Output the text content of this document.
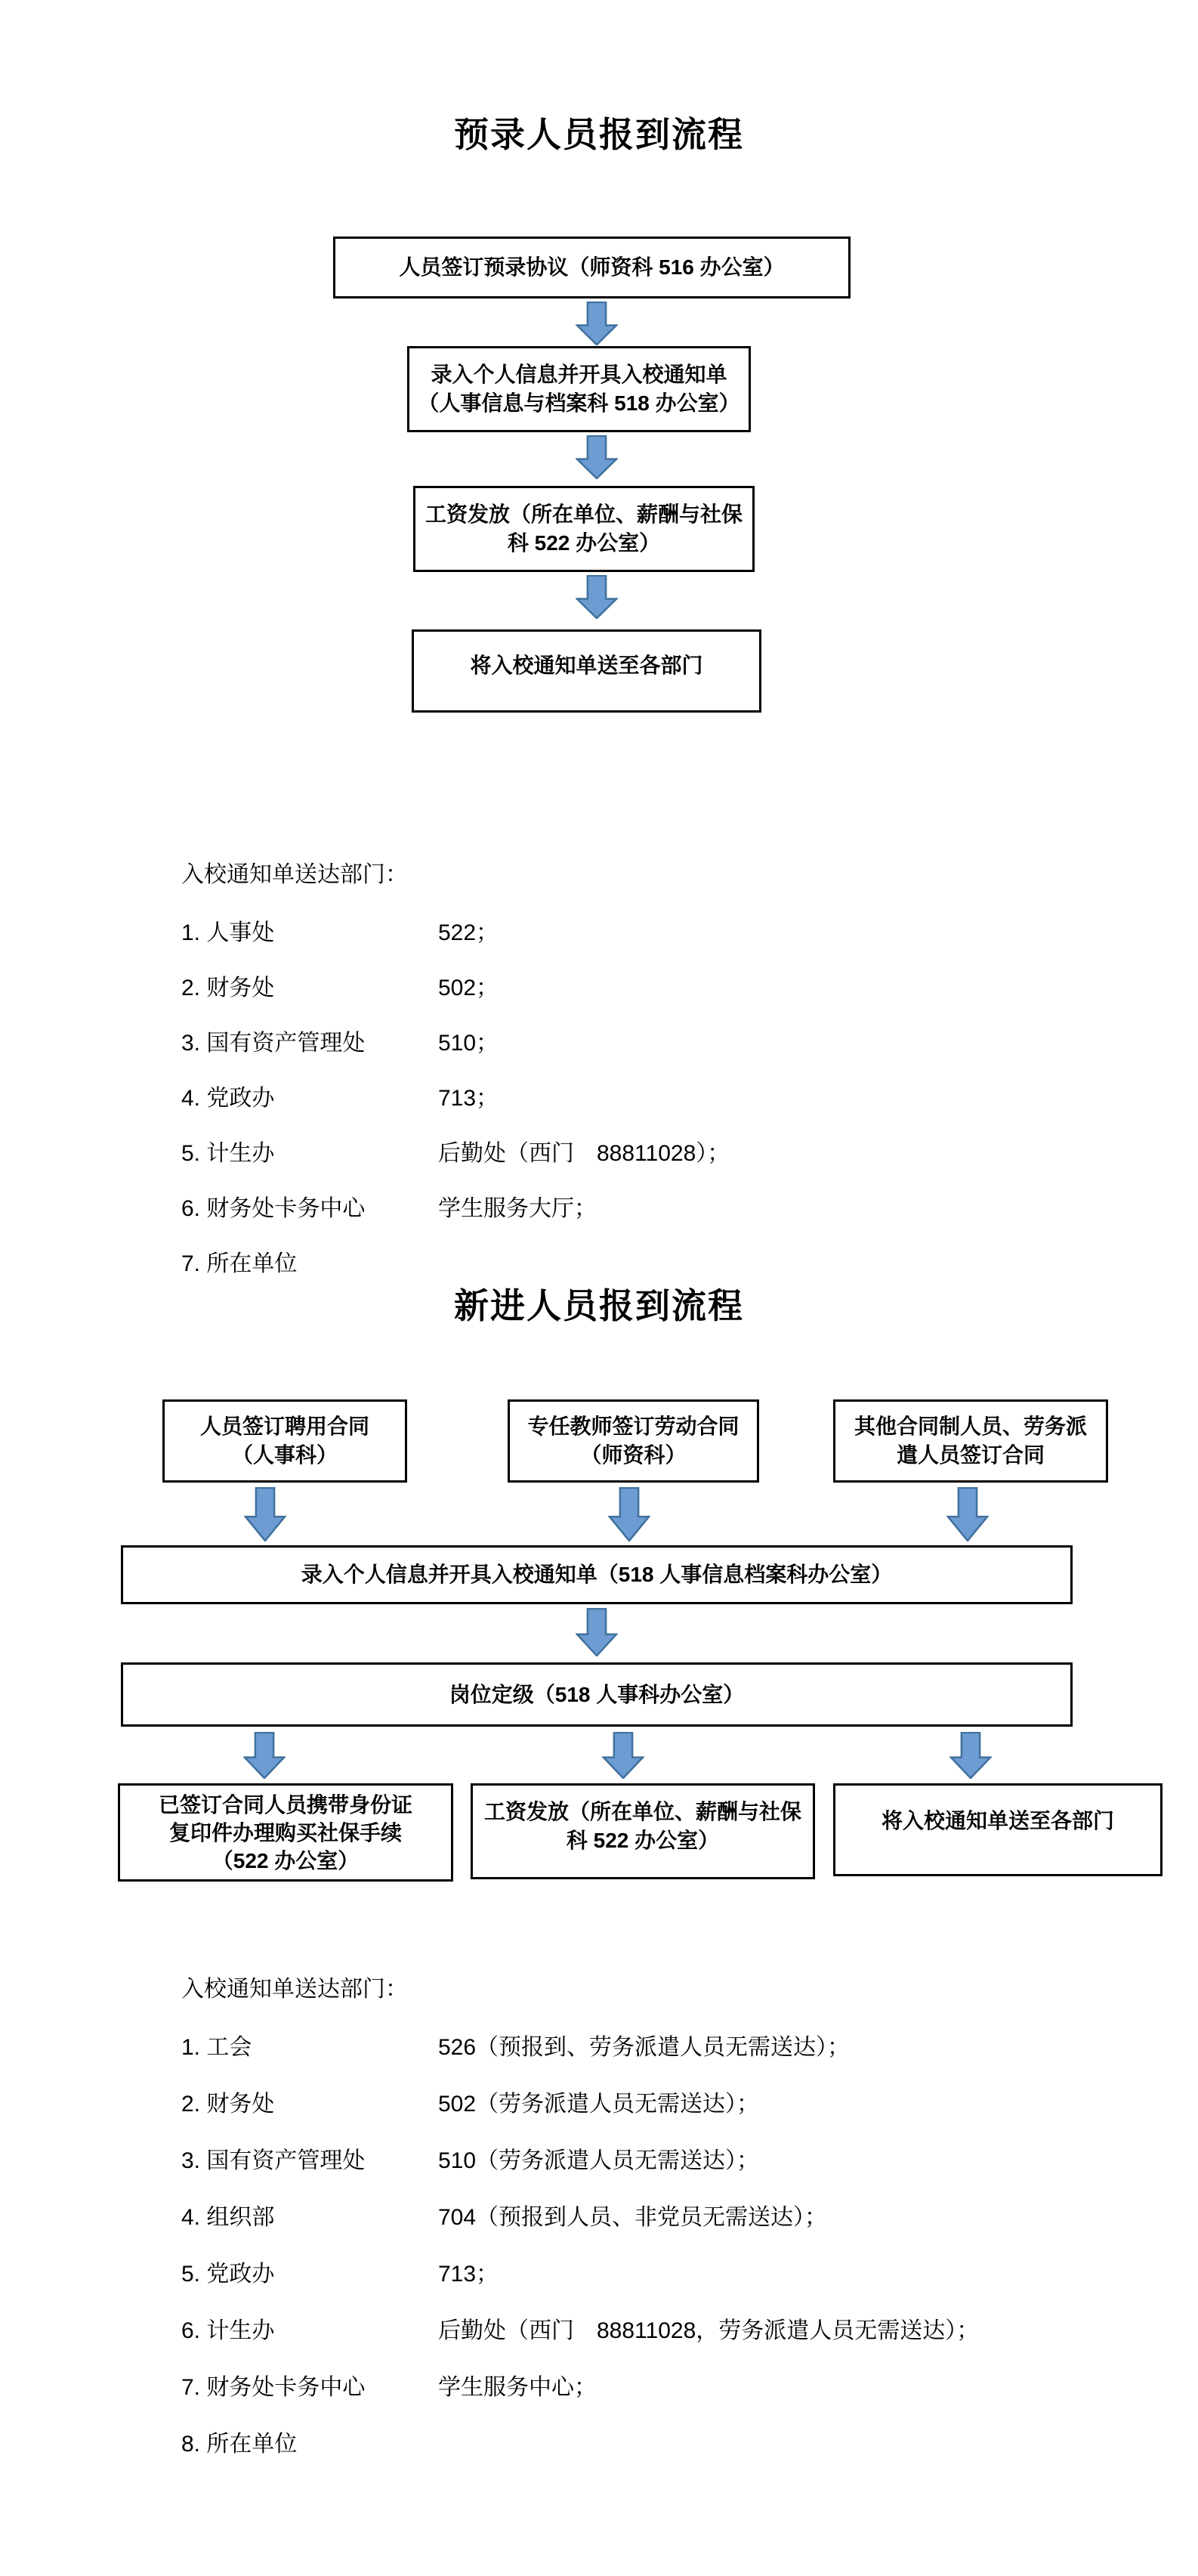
预录人员报到流程
人员签订预录协议（师资科 516 办公室）
录入个人信息并开具入校通知单
（人事信息与档案科 518 办公室）
工资发放（所在单位、薪酬与社保
科 522 办公室）
将入校通知单送至各部门
入校通知单送达部门：
1. 人事处	522；
2. 财务处	502；
3. 国有资产管理处	510；
4. 党政办	713；
5. 计生办	后勤处（西门　88811028）；
6. 财务处卡务中心	学生服务大厅；
7. 所在单位
新进人员报到流程
人员签订聘用合同
（人事科）
专任教师签订劳动合同
（师资科）
其他合同制人员、劳务派
遣人员签订合同
录入个人信息并开具入校通知单（518 人事信息档案科办公室）
岗位定级（518 人事科办公室）
已签订合同人员携带身份证
复印件办理购买社保手续
（522 办公室）
工资发放（所在单位、薪酬与社保
科 522 办公室）
将入校通知单送至各部门
入校通知单送达部门：
1. 工会	526（预报到、劳务派遣人员无需送达）；
2. 财务处	502（劳务派遣人员无需送达）；
3. 国有资产管理处	510（劳务派遣人员无需送达）；
4. 组织部	704（预报到人员、非党员无需送达）；
5. 党政办	713；
6. 计生办	后勤处（西门　88811028，劳务派遣人员无需送达）；
7. 财务处卡务中心	学生服务中心；
8. 所在单位
